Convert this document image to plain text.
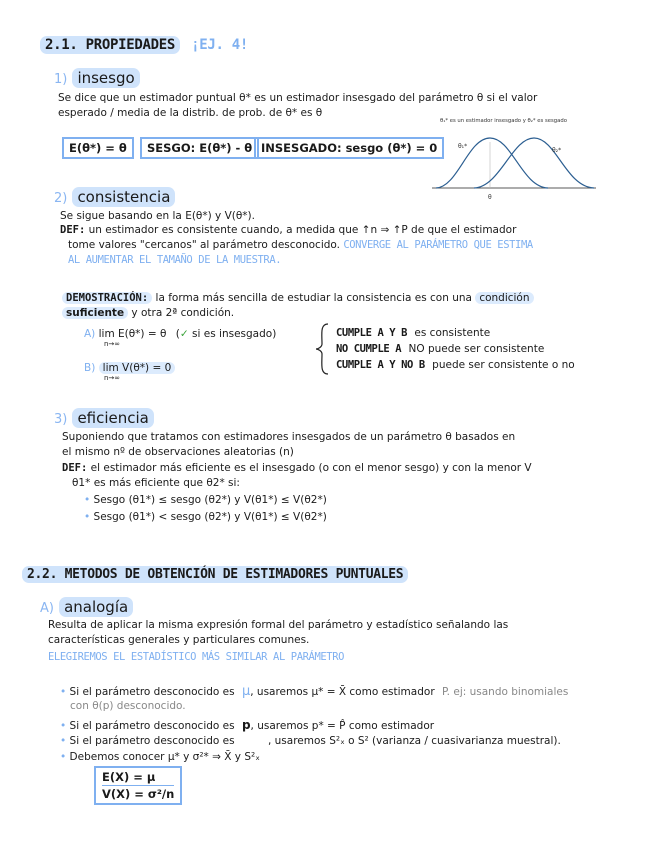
2.1. PROPIEDADES ¡EJ. 4!
1) insesgo
Se dice que un estimador puntual θ* es un estimador insesgado del parámetro θ si el valor
esperado / media de la distrib. de prob. de θ* es θ
E(θ*) = θ	SESGO: E(θ*) - θ INSESGADO: sesgo (θ*) = 0
θ₁* es un estimador insesgado y θ₂* es sesgado
θ₁*
θ₂*
θ
2) consistencia
Se sigue basando en la E(θ*) y V(θ*).
DEF: un estimador es consistente cuando, a medida que ↑n ⇒ ↑P de que el estimador
tome valores "cercanos" al parámetro desconocido. CONVERGE AL PARÁMETRO QUE ESTIMA
AL AUMENTAR EL TAMAÑO DE LA MUESTRA.
DEMOSTRACIÓN: la forma más sencilla de estudiar la consistencia es con una condición
suficiente y otra 2ª condición.
A) lim E(θ*) = θ (✓ si es insesgado)
n→∞
B) lim V(θ*) = 0
n→∞
CUMPLE A Y B es consistente
NO CUMPLE A NO puede ser consistente
CUMPLE A Y NO B puede ser consistente o no
3) eficiencia
Suponiendo que tratamos con estimadores insesgados de un parámetro θ basados en
el mismo nº de observaciones aleatorias (n)
DEF: el estimador más eficiente es el insesgado (o con el menor sesgo) y con la menor V
θ1* es más eficiente que θ2* si:
• Sesgo (θ1*) ≤ sesgo (θ2*) y V(θ1*) ≤ V(θ2*)
• Sesgo (θ1*) < sesgo (θ2*) y V(θ1*) ≤ V(θ2*)
2.2. METODOS DE OBTENCIÓN DE ESTIMADORES PUNTUALES
A) analogía
Resulta de aplicar la misma expresión formal del parámetro y estadístico señalando las
características generales y particulares comunes.
ELEGIREMOS EL ESTADÍSTICO MÁS SIMILAR AL PARÁMETRO
• Si el parámetro desconocido es μ, usaremos μ* = X̄ como estimador P. ej: usando binomiales
con θ(p) desconocido.
• Si el parámetro desconocido es p, usaremos p* = P̂ como estimador
• Si el parámetro desconocido es	, usaremos S²ₓ o S² (varianza / cuasivarianza muestral).
• Debemos conocer μ* y σ²* ⇒ X̄ y S²ₓ
E(X) = μ
V(X) = σ²/n
